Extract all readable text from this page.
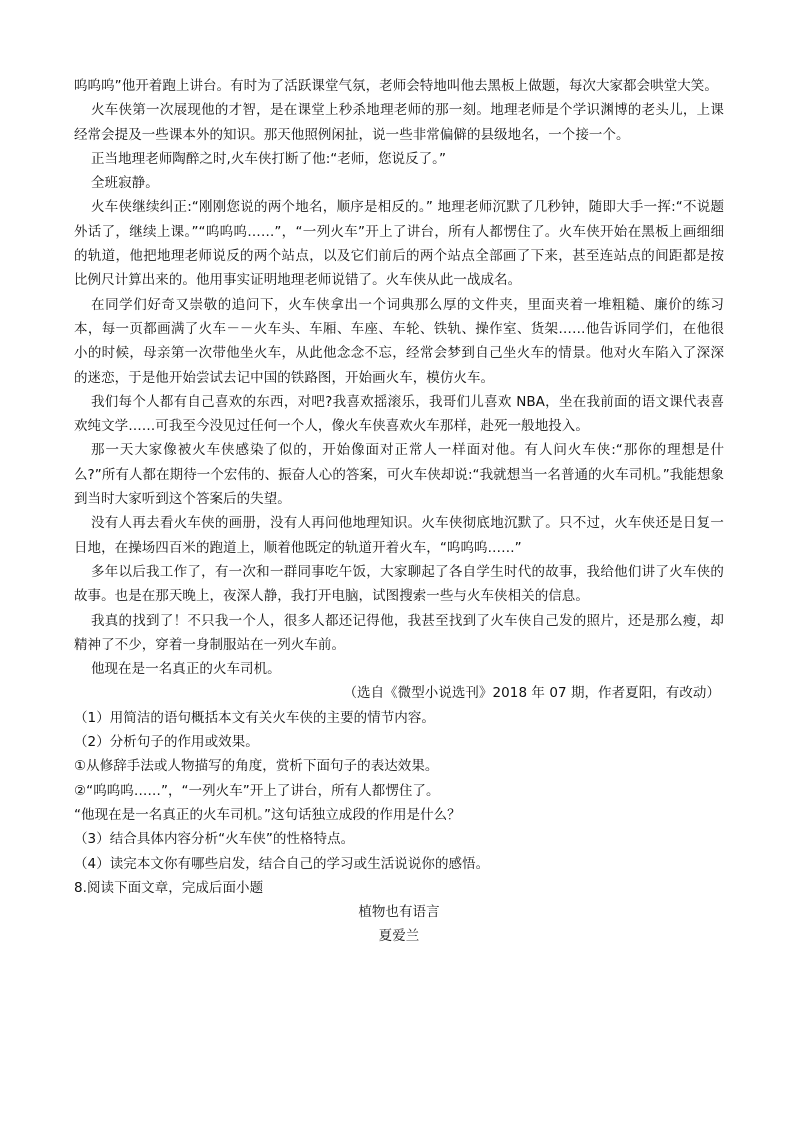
呜呜呜”他开着跑上讲台。有时为了活跃课堂气氛，老师会特地叫他去黑板上做题，每次大家都会哄堂大笑。

火车侠第一次展现他的才智，是在课堂上秒杀地理老师的那一刻。地理老师是个学识渊博的老头儿，上课经常会提及一些课本外的知识。那天他照例闲扯，说一些非常偏僻的县级地名，一个接一个。

正当地理老师陶醉之时,火车侠打断了他:“老师，您说反了。”

全班寂静。

火车侠继续纠正:“刚刚您说的两个地名，顺序是相反的。” 地理老师沉默了几秒钟，随即大手一挥:“不说题外话了，继续上课。”“呜呜呜……”，“一列火车”开上了讲台，所有人都愣住了。火车侠开始在黑板上画细细的轨道，他把地理老师说反的两个站点，以及它们前后的两个站点全部画了下来，甚至连站点的间距都是按比例尺计算出来的。他用事实证明地理老师说错了。火车侠从此一战成名。

在同学们好奇又崇敬的追问下，火车侠拿出一个词典那么厚的文件夹，里面夹着一堆粗糙、廉价的练习本，每一页都画满了火车－－火车头、车厢、车座、车轮、铁轨、操作室、货架……他告诉同学们，在他很小的时候，母亲第一次带他坐火车，从此他念念不忘，经常会梦到自己坐火车的情景。他对火车陷入了深深的迷恋，于是他开始尝试去记中国的铁路图，开始画火车，模仿火车。

我们每个人都有自己喜欢的东西，对吧?我喜欢摇滚乐，我哥们儿喜欢 NBA，坐在我前面的语文课代表喜欢纯文学……可我至今没见过任何一个人，像火车侠喜欢火车那样，赴死一般地投入。

那一天大家像被火车侠感染了似的，开始像面对正常人一样面对他。有人问火车侠:“那你的理想是什么?”所有人都在期待一个宏伟的、振奋人心的答案，可火车侠却说:“我就想当一名普通的火车司机。”我能想象到当时大家听到这个答案后的失望。

没有人再去看火车侠的画册，没有人再问他地理知识。火车侠彻底地沉默了。只不过，火车侠还是日复一日地，在操场四百米的跑道上，顺着他既定的轨道开着火车，“呜呜呜……”

多年以后我工作了，有一次和一群同事吃午饭，大家聊起了各自学生时代的故事，我给他们讲了火车侠的故事。也是在那天晚上，夜深人静，我打开电脑，试图搜索一些与火车侠相关的信息。

我真的找到了！不只我一个人，很多人都还记得他，我甚至找到了火车侠自己发的照片，还是那么瘦，却精神了不少，穿着一身制服站在一列火车前。

他现在是一名真正的火车司机。

（选自《微型小说选刊》2018 年 07 期，作者夏阳，有改动）

（1）用简洁的语句概括本文有关火车侠的主要的情节内容。

（2）分析句子的作用或效果。

①从修辞手法或人物描写的角度，赏析下面句子的表达效果。

②“呜呜呜……”，“一列火车”开上了讲台，所有人都愣住了。

“他现在是一名真正的火车司机。”这句话独立成段的作用是什么？

（3）结合具体内容分析“火车侠”的性格特点。

（4）读完本文你有哪些启发，结合自己的学习或生活说说你的感悟。

8.阅读下面文章，完成后面小题

植物也有语言

夏爱兰
